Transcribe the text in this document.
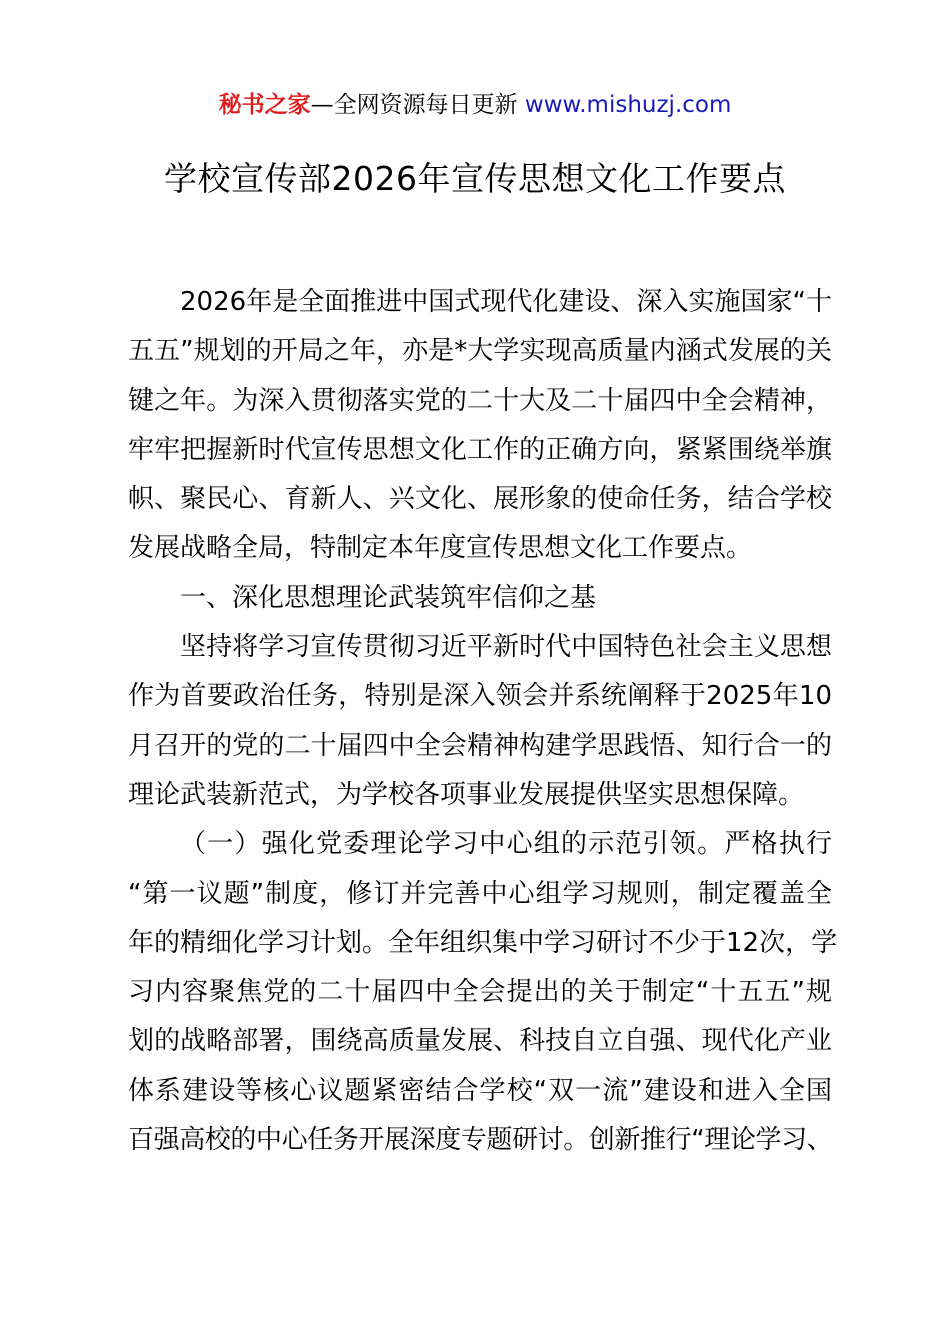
秘书之家—全网资源每日更新 www.mishuzj.com
学校宣传部2026年宣传思想文化工作要点
2026年是全面推进中国式现代化建设、深入实施国家“十
五五”规划的开局之年，亦是*大学实现高质量内涵式发展的关
键之年。为深入贯彻落实党的二十大及二十届四中全会精神，
牢牢把握新时代宣传思想文化工作的正确方向，紧紧围绕举旗
帜、聚民心、育新人、兴文化、展形象的使命任务，结合学校
发展战略全局，特制定本年度宣传思想文化工作要点。
一、深化思想理论武装筑牢信仰之基
坚持将学习宣传贯彻习近平新时代中国特色社会主义思想
作为首要政治任务，特别是深入领会并系统阐释于2025年10
月召开的党的二十届四中全会精神构建学思践悟、知行合一的
理论武装新范式，为学校各项事业发展提供坚实思想保障。
（一）强化党委理论学习中心组的示范引领。严格执行
“第一议题”制度，修订并完善中心组学习规则，制定覆盖全
年的精细化学习计划。全年组织集中学习研讨不少于12次，学
习内容聚焦党的二十届四中全会提出的关于制定“十五五”规
划的战略部署，围绕高质量发展、科技自立自强、现代化产业
体系建设等核心议题紧密结合学校“双一流”建设和进入全国
百强高校的中心任务开展深度专题研讨。创新推行“理论学习、
